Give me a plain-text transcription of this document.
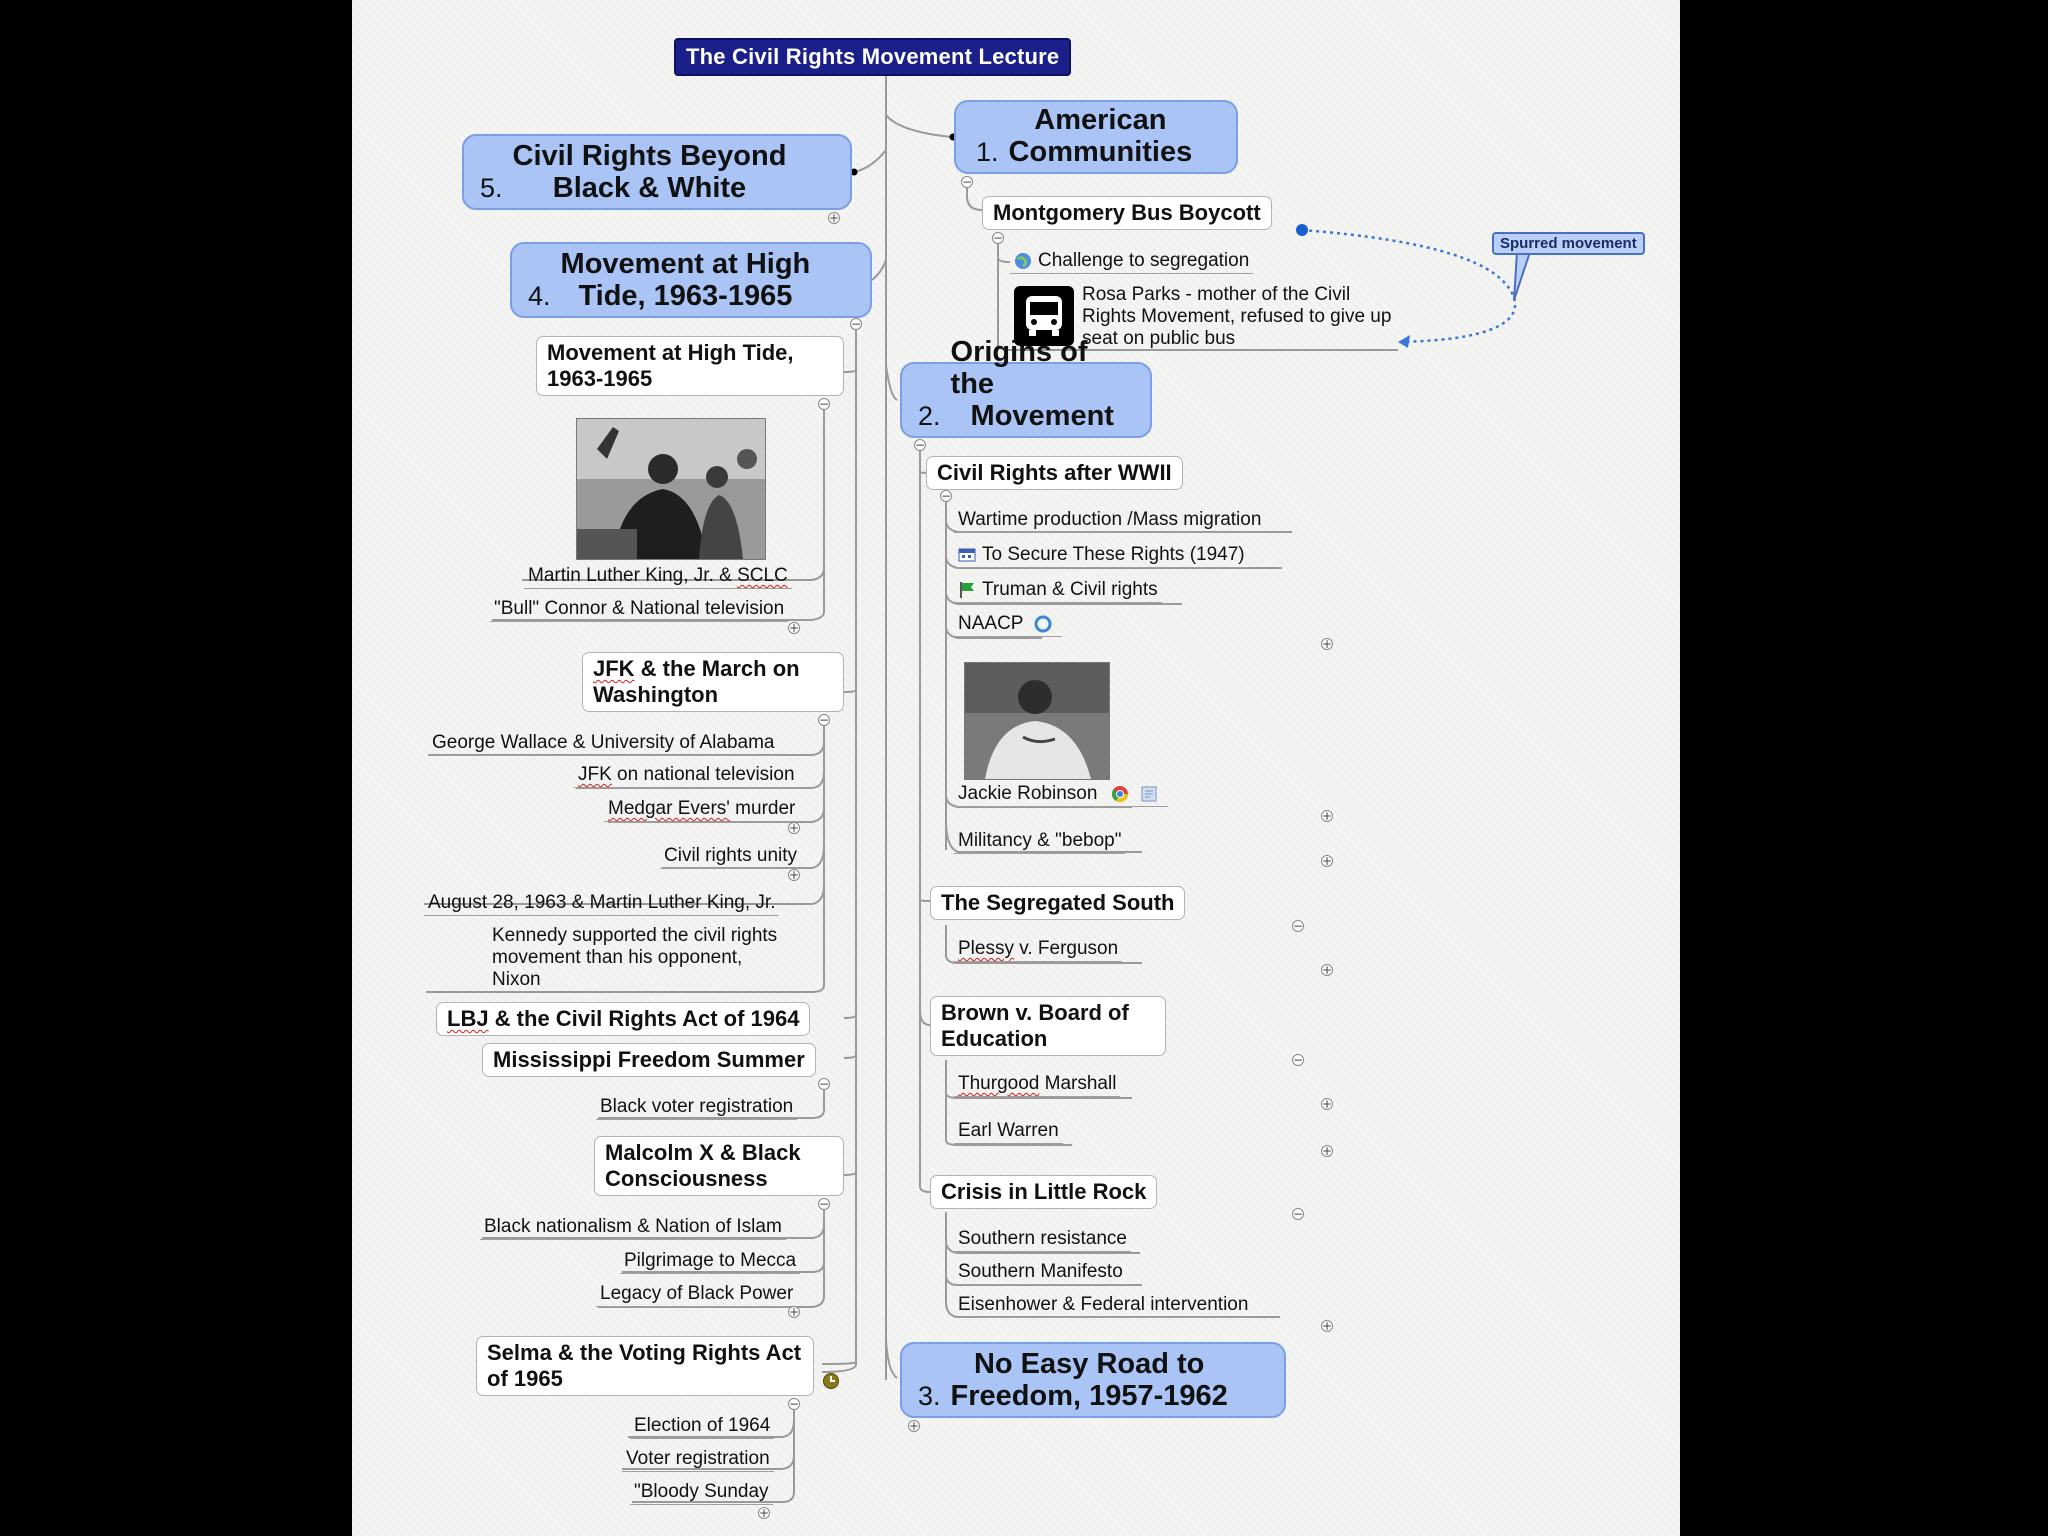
The Civil Rights Movement Lecture
1.
American
Communities
−
Montgomery Bus Boycott
−
Challenge to segregation
Rosa Parks - mother of the Civil Rights Movement, refused to give up seat on public bus
Spurred movement
2.
Origins of the
Movement
−
Civil Rights after WWII
−
Wartime production /Mass migration
To Secure These Rights (1947)
Truman & Civil rights
NAACP
+
Jackie Robinson
+
Militancy & "bebop"
+
The Segregated South
−
Plessy v. Ferguson
+
Brown v. Board of Education
−
Thurgood Marshall
+
Earl Warren
+
Crisis in Little Rock
−
Southern resistance
Southern Manifesto
Eisenhower & Federal intervention
+
3.
No Easy Road to
Freedom, 1957-1962
+
5.
Civil Rights Beyond
Black & White
+
4.
Movement at High
Tide, 1963-1965
−
Movement at High Tide, 1963-1965
−
Martin Luther King, Jr. & SCLC
"Bull" Connor & National television
+
JFK & the March on Washington
−
George Wallace & University of Alabama
JFK on national television
Medgar Evers' murder
+
Civil rights unity
+
August 28, 1963 & Martin Luther King, Jr.
Kennedy supported the civil rights movement than his opponent, Nixon
LBJ & the Civil Rights Act of 1964
Mississippi Freedom Summer
−
Black voter registration
Malcolm X & Black Consciousness
−
Black nationalism & Nation of Islam
Pilgrimage to Mecca
Legacy of Black Power
+
Selma & the Voting Rights Act of 1965
−
Election of 1964
Voter registration
"Bloody Sunday
+
